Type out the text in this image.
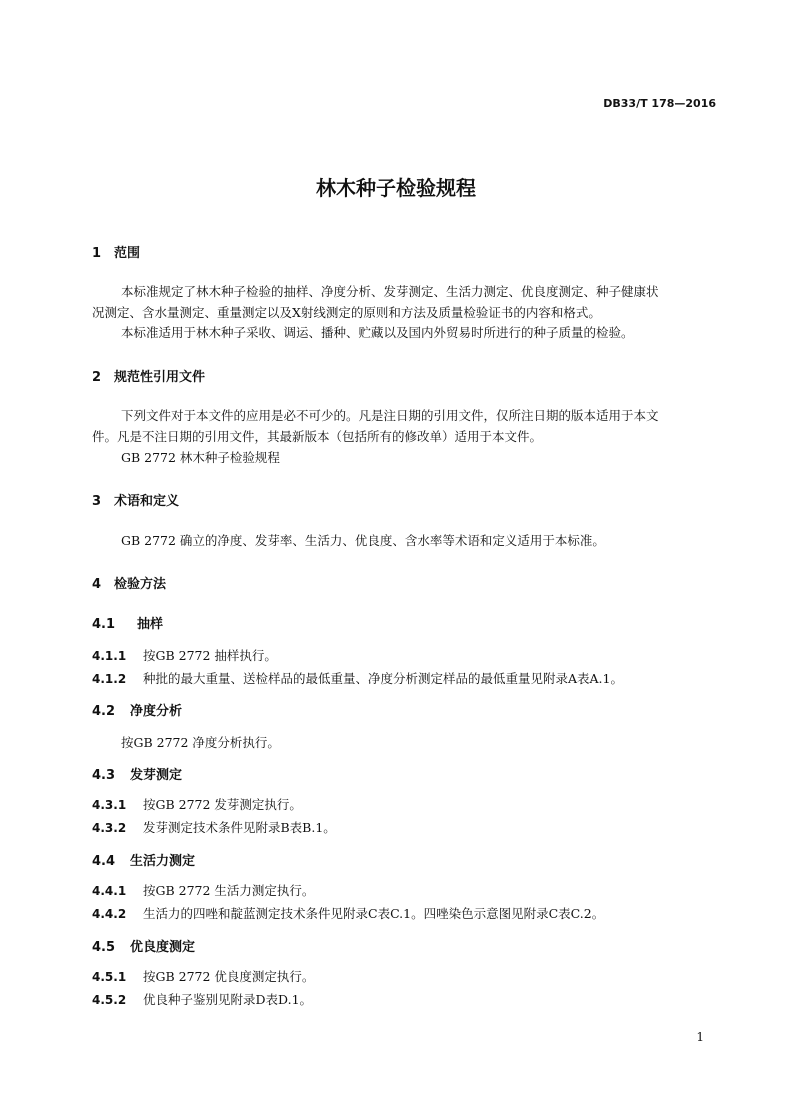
DB33/T 178—2016
林木种子检验规程
1 范围
本标准规定了林木种子检验的抽样、净度分析、发芽测定、生活力测定、优良度测定、种子健康状
况测定、含水量测定、重量测定以及X射线测定的原则和方法及质量检验证书的内容和格式。
本标准适用于林木种子采收、调运、播种、贮藏以及国内外贸易时所进行的种子质量的检验。
2 规范性引用文件
下列文件对于本文件的应用是必不可少的。凡是注日期的引用文件，仅所注日期的版本适用于本文
件。凡是不注日期的引用文件，其最新版本（包括所有的修改单）适用于本文件。
GB 2772 林木种子检验规程
3 术语和定义
GB 2772 确立的净度、发芽率、生活力、优良度、含水率等术语和定义适用于本标准。
4 检验方法
4.1 抽样
4.1.1 按GB 2772 抽样执行。
4.1.2 种批的最大重量、送检样品的最低重量、净度分析测定样品的最低重量见附录A表A.1。
4.2 净度分析
按GB 2772 净度分析执行。
4.3 发芽测定
4.3.1 按GB 2772 发芽测定执行。
4.3.2 发芽测定技术条件见附录B表B.1。
4.4 生活力测定
4.4.1 按GB 2772 生活力测定执行。
4.4.2 生活力的四唑和靛蓝测定技术条件见附录C表C.1。四唑染色示意图见附录C表C.2。
4.5 优良度测定
4.5.1 按GB 2772 优良度测定执行。
4.5.2 优良种子鉴别见附录D表D.1。
1
